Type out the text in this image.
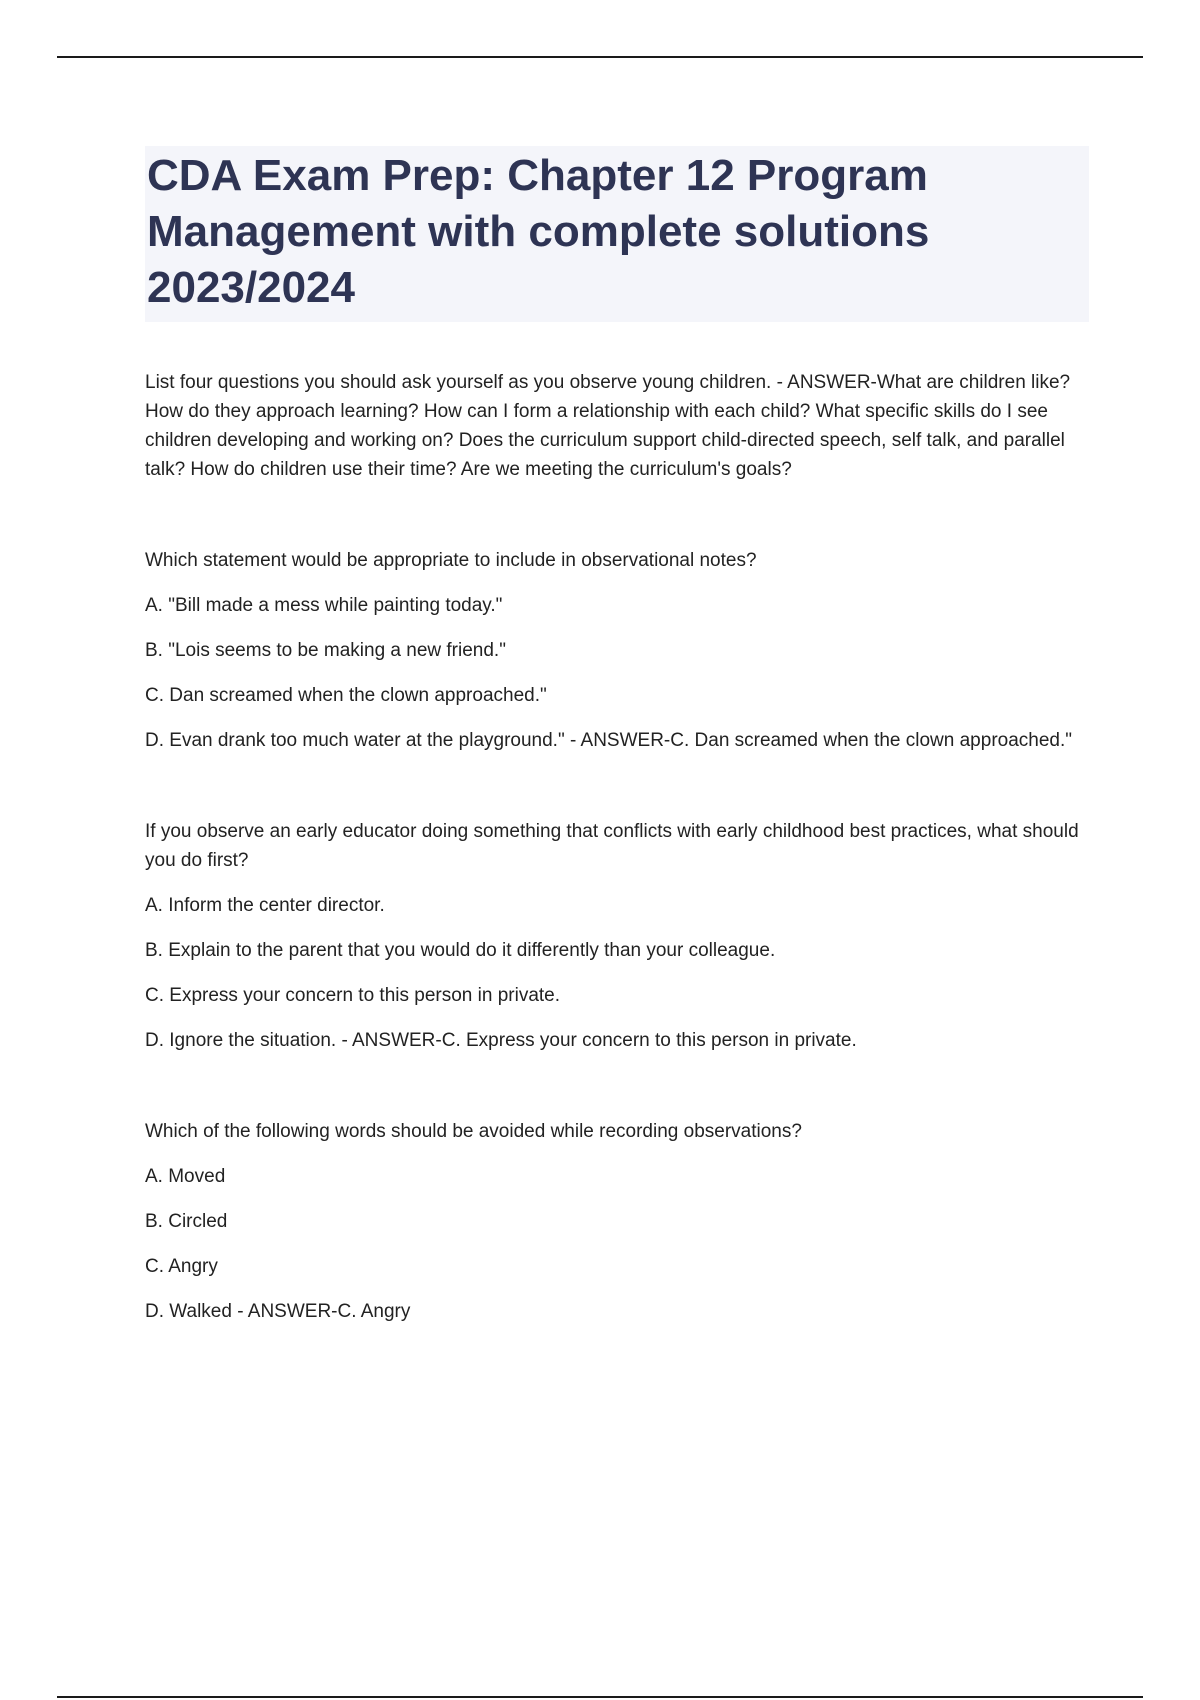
CDA Exam Prep: Chapter 12 Program Management with complete solutions 2023/2024

List four questions you should ask yourself as you observe young children. - ANSWER-What are children like? How do they approach learning? How can I form a relationship with each child? What specific skills do I see children developing and working on? Does the curriculum support child-directed speech, self talk, and parallel talk? How do children use their time? Are we meeting the curriculum's goals?

Which statement would be appropriate to include in observational notes?

A. "Bill made a mess while painting today."

B. "Lois seems to be making a new friend."

C. Dan screamed when the clown approached."

D. Evan drank too much water at the playground." - ANSWER-C. Dan screamed when the clown approached."

If you observe an early educator doing something that conflicts with early childhood best practices, what should you do first?

A. Inform the center director.

B. Explain to the parent that you would do it differently than your colleague.

C. Express your concern to this person in private.

D. Ignore the situation. - ANSWER-C. Express your concern to this person in private.

Which of the following words should be avoided while recording observations?

A. Moved

B. Circled

C. Angry

D. Walked - ANSWER-C. Angry
